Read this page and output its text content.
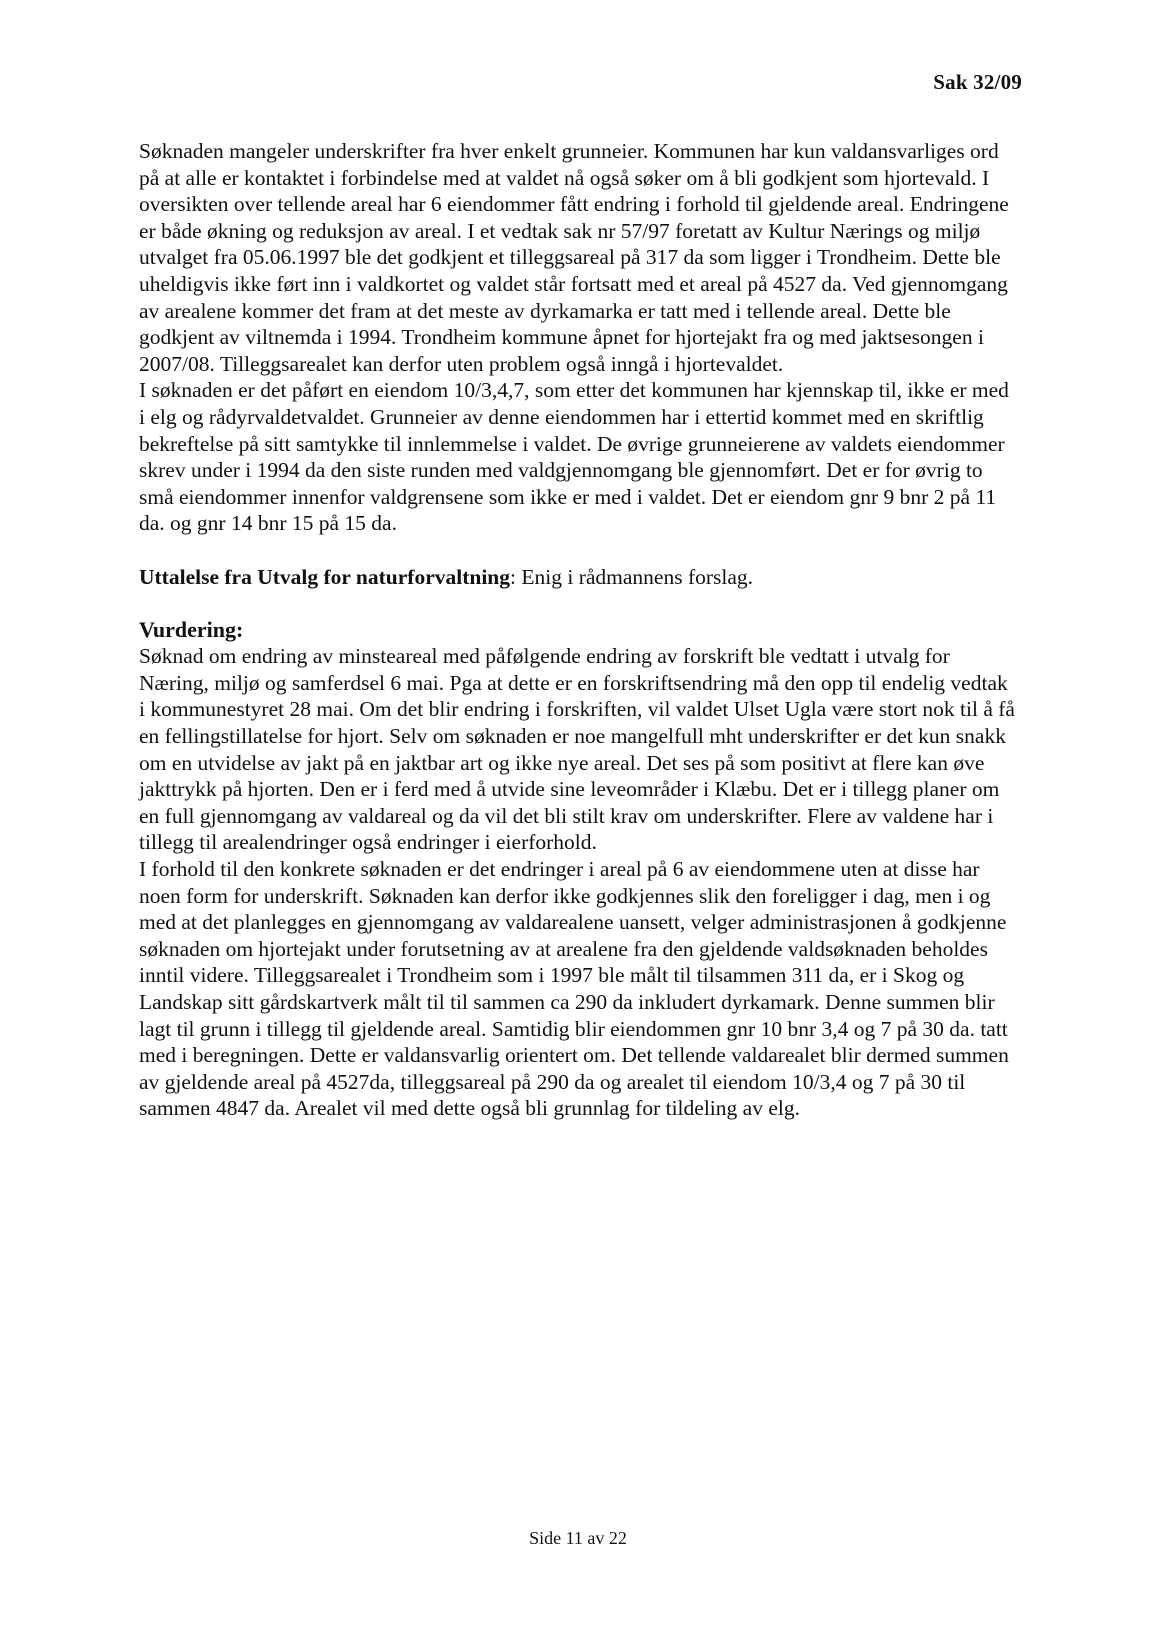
Sak 32/09

Søknaden mangeler underskrifter fra hver enkelt grunneier. Kommunen har kun valdansvarliges ord på at alle er kontaktet i forbindelse med at valdet nå også søker om å bli godkjent som hjortevald. I oversikten over tellende areal har 6 eiendommer fått endring i forhold til gjeldende areal. Endringene er både økning og reduksjon av areal. I et vedtak sak nr 57/97 foretatt av Kultur Nærings og miljø utvalget fra 05.06.1997 ble det godkjent et tilleggsareal på 317 da som ligger i Trondheim. Dette ble uheldigvis ikke ført inn i valdkortet og valdet står fortsatt med et areal på 4527 da. Ved gjennomgang av arealene kommer det fram at det meste av dyrkamarka er tatt med i tellende areal. Dette ble godkjent av viltnemda i 1994. Trondheim kommune åpnet for hjortejakt fra og med jaktsesongen i 2007/08. Tilleggsarealet kan derfor uten problem også inngå i hjortevaldet.

I søknaden er det påført en eiendom 10/3,4,7, som etter det kommunen har kjennskap til, ikke er med i elg og rådyrvaldetvaldet. Grunneier av denne eiendommen har i ettertid kommet med en skriftlig bekreftelse på sitt samtykke til innlemmelse i valdet. De øvrige grunneierene av valdets eiendommer skrev under i 1994 da den siste runden med valdgjennomgang ble gjennomført. Det er for øvrig to små eiendommer innenfor valdgrensene som ikke er med i valdet. Det er eiendom gnr 9 bnr 2 på 11 da. og gnr 14 bnr 15 på 15 da.

Uttalelse fra Utvalg for naturforvaltning: Enig i rådmannens forslag.

Vurdering:

Søknad om endring av minsteareal med påfølgende endring av forskrift ble vedtatt i utvalg for Næring, miljø og samferdsel 6 mai. Pga at dette er en forskriftsendring må den opp til endelig vedtak i kommunestyret 28 mai. Om det blir endring i forskriften, vil valdet Ulset Ugla være stort nok til å få en fellingstillatelse for hjort. Selv om søknaden er noe mangelfull mht underskrifter er det kun snakk om en utvidelse av jakt på en jaktbar art og ikke nye areal. Det ses på som positivt at flere kan øve jakttrykk på hjorten. Den er i ferd med å utvide sine leveområder i Klæbu. Det er i tillegg planer om en full gjennomgang av valdareal og da vil det bli stilt krav om underskrifter. Flere av valdene har i tillegg til arealendringer også endringer i eierforhold.

I forhold til den konkrete søknaden er det endringer i areal på 6 av eiendommene uten at disse har noen form for underskrift. Søknaden kan derfor ikke godkjennes slik den foreligger i dag, men i og med at det planlegges en gjennomgang av valdarealene uansett, velger administrasjonen å godkjenne søknaden om hjortejakt under forutsetning av at arealene fra den gjeldende valdsøknaden beholdes inntil videre. Tilleggsarealet i Trondheim som i 1997 ble målt til tilsammen 311 da, er i Skog og Landskap sitt gårdskartverk målt til til sammen ca 290 da inkludert dyrkamark. Denne summen blir lagt til grunn i tillegg til gjeldende areal. Samtidig blir eiendommen gnr 10 bnr 3,4 og 7 på 30 da. tatt med i beregningen. Dette er valdansvarlig orientert om. Det tellende valdarealet blir dermed summen av gjeldende areal på 4527da, tilleggsareal på 290 da og arealet til eiendom 10/3,4 og 7 på 30 til sammen 4847 da. Arealet vil med dette også bli grunnlag for tildeling av elg.

Side 11 av 22
